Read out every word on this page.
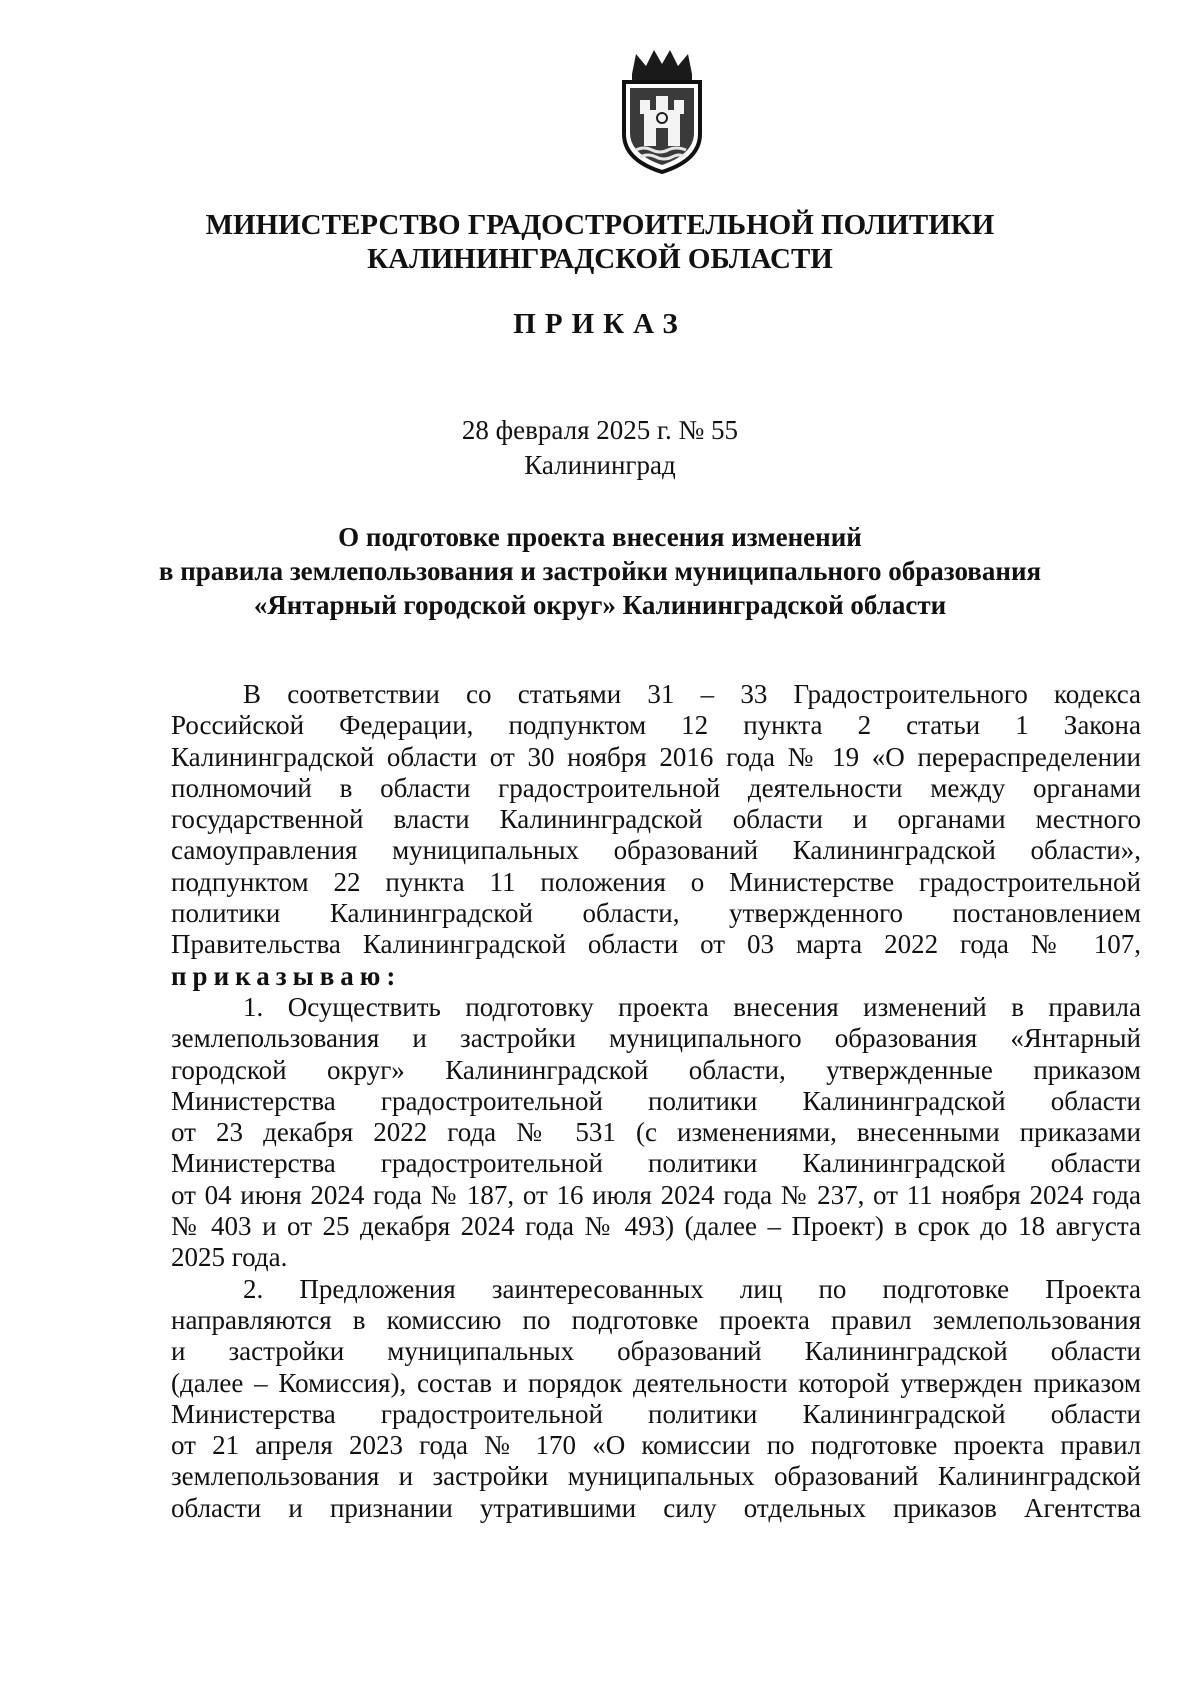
МИНИСТЕРСТВО ГРАДОСТРОИТЕЛЬНОЙ ПОЛИТИКИ
КАЛИНИНГРАДСКОЙ ОБЛАСТИ
ПРИКАЗ
28 февраля 2025 г. № 55
Калининград
О подготовке проекта внесения изменений
в правила землепользования и застройки муниципального образования
«Янтарный городской округ» Калининградской области
В соответствии со статьями 31 – 33 Градостроительного кодекса
Российской Федерации, подпунктом 12 пункта 2 статьи 1 Закона
Калининградской области от 30 ноября 2016 года № 19 «О перераспределении
полномочий в области градостроительной деятельности между органами
государственной власти Калининградской области и органами местного
самоуправления муниципальных образований Калининградской области»,
подпунктом 22 пункта 11 положения о Министерстве градостроительной
политики Калининградской области, утвержденного постановлением
Правительства Калининградской области от 03 марта 2022 года № 107,
приказываю:
1. Осуществить подготовку проекта внесения изменений в правила
землепользования и застройки муниципального образования «Янтарный
городской округ» Калининградской области, утвержденные приказом
Министерства градостроительной политики Калининградской области
от 23 декабря 2022 года № 531 (с изменениями, внесенными приказами
Министерства градостроительной политики Калининградской области
от 04 июня 2024 года № 187, от 16 июля 2024 года № 237, от 11 ноября 2024 года
№ 403 и от 25 декабря 2024 года № 493) (далее – Проект) в срок до 18 августа
2025 года.
2. Предложения заинтересованных лиц по подготовке Проекта
направляются в комиссию по подготовке проекта правил землепользования
и застройки муниципальных образований Калининградской области
(далее – Комиссия), состав и порядок деятельности которой утвержден приказом
Министерства градостроительной политики Калининградской области
от 21 апреля 2023 года № 170 «О комиссии по подготовке проекта правил
землепользования и застройки муниципальных образований Калининградской
области и признании утратившими силу отдельных приказов Агентства
